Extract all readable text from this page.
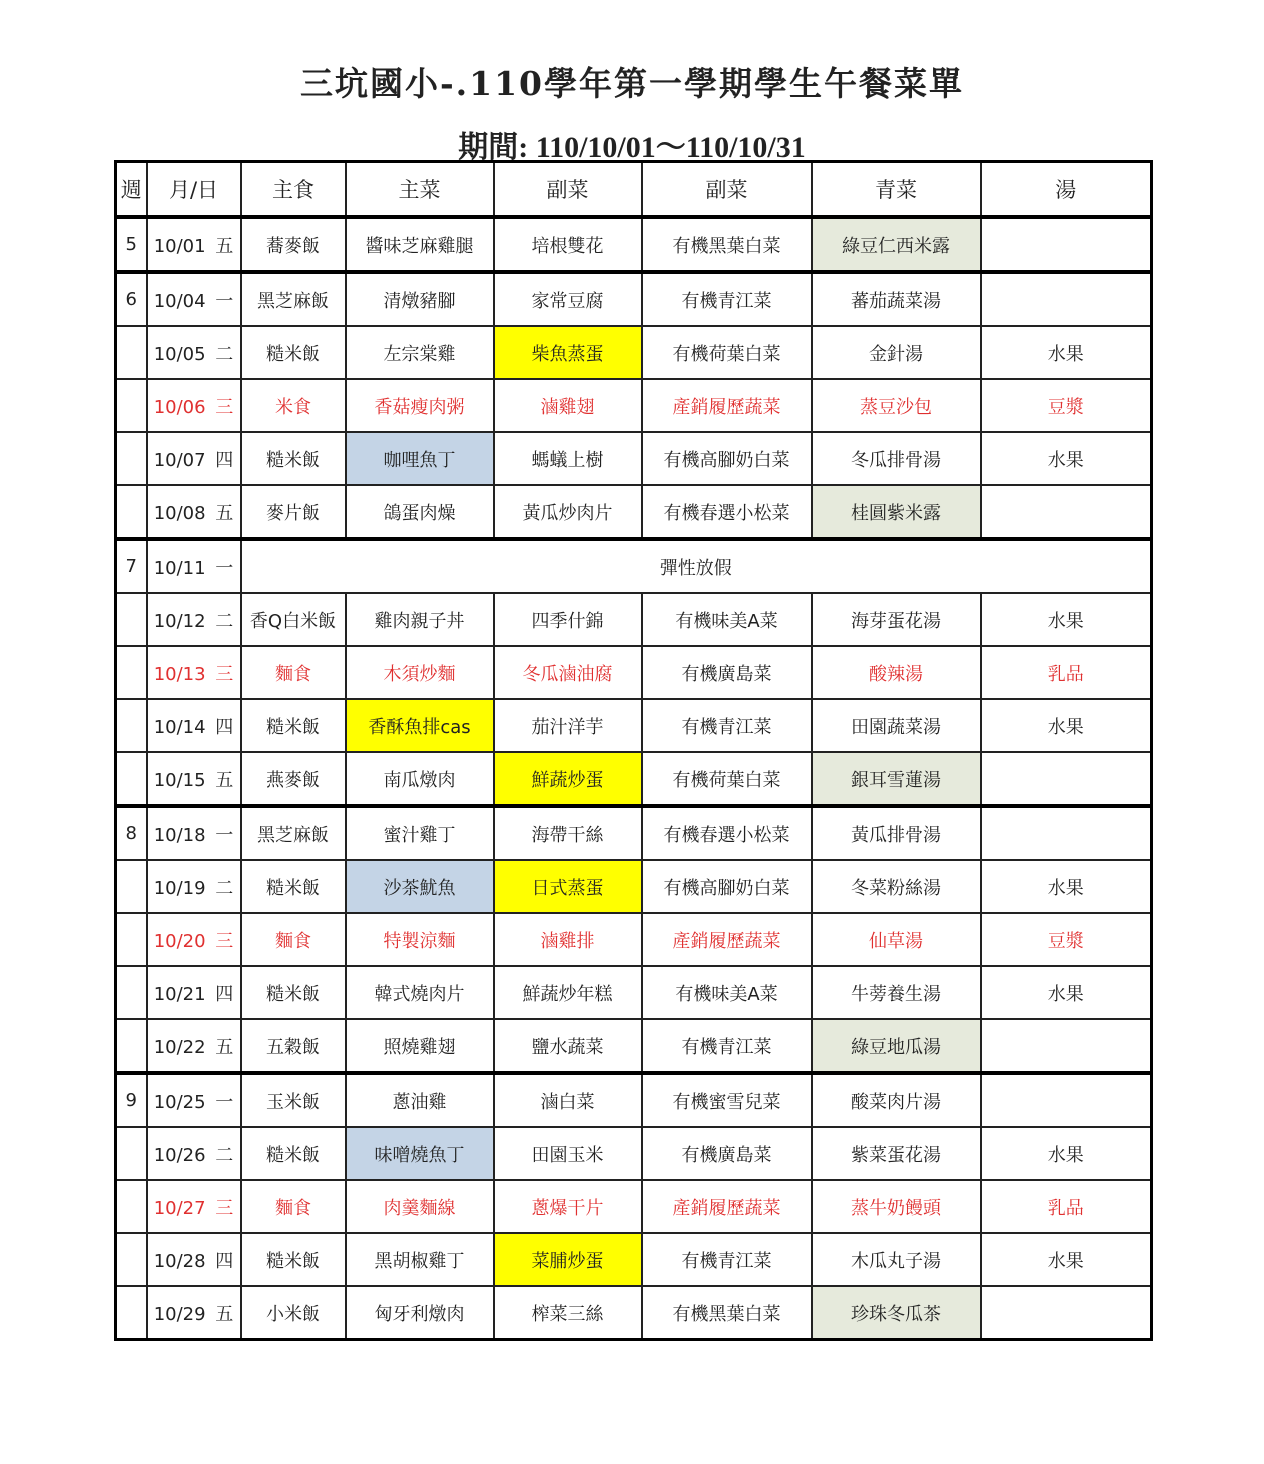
三坑國小-.110學年第一學期學生午餐菜單
期間: 110/10/01～110/10/31
週	月/日	主食	主菜	副菜	副菜	青菜	湯
5	10/01 五	蕎麥飯	醬味芝麻雞腿	培根雙花	有機黑葉白菜	綠豆仁西米露	
6	10/04 一	黑芝麻飯	清燉豬腳	家常豆腐	有機青江菜	蕃茄蔬菜湯	
	10/05 二	糙米飯	左宗棠雞	柴魚蒸蛋	有機荷葉白菜	金針湯	水果
	10/06 三	米食	香菇瘦肉粥	滷雞翅	產銷履歷蔬菜	蒸豆沙包	豆漿
	10/07 四	糙米飯	咖哩魚丁	螞蟻上樹	有機高腳奶白菜	冬瓜排骨湯	水果
	10/08 五	麥片飯	鴿蛋肉燥	黃瓜炒肉片	有機春選小松菜	桂圓紫米露	
7	10/11 一	彈性放假					
	10/12 二	香Q白米飯	雞肉親子丼	四季什錦	有機味美A菜	海芽蛋花湯	水果
	10/13 三	麵食	木須炒麵	冬瓜滷油腐	有機廣島菜	酸辣湯	乳品
	10/14 四	糙米飯	香酥魚排cas	茄汁洋芋	有機青江菜	田園蔬菜湯	水果
	10/15 五	燕麥飯	南瓜燉肉	鮮蔬炒蛋	有機荷葉白菜	銀耳雪蓮湯	
8	10/18 一	黑芝麻飯	蜜汁雞丁	海帶干絲	有機春選小松菜	黃瓜排骨湯	
	10/19 二	糙米飯	沙茶魷魚	日式蒸蛋	有機高腳奶白菜	冬菜粉絲湯	水果
	10/20 三	麵食	特製涼麵	滷雞排	產銷履歷蔬菜	仙草湯	豆漿
	10/21 四	糙米飯	韓式燒肉片	鮮蔬炒年糕	有機味美A菜	牛蒡養生湯	水果
	10/22 五	五穀飯	照燒雞翅	鹽水蔬菜	有機青江菜	綠豆地瓜湯	
9	10/25 一	玉米飯	蔥油雞	滷白菜	有機蜜雪兒菜	酸菜肉片湯	
	10/26 二	糙米飯	味噌燒魚丁	田園玉米	有機廣島菜	紫菜蛋花湯	水果
	10/27 三	麵食	肉羹麵線	蔥爆干片	產銷履歷蔬菜	蒸牛奶饅頭	乳品
	10/28 四	糙米飯	黑胡椒雞丁	菜脯炒蛋	有機青江菜	木瓜丸子湯	水果
	10/29 五	小米飯	匈牙利燉肉	榨菜三絲	有機黑葉白菜	珍珠冬瓜茶	
